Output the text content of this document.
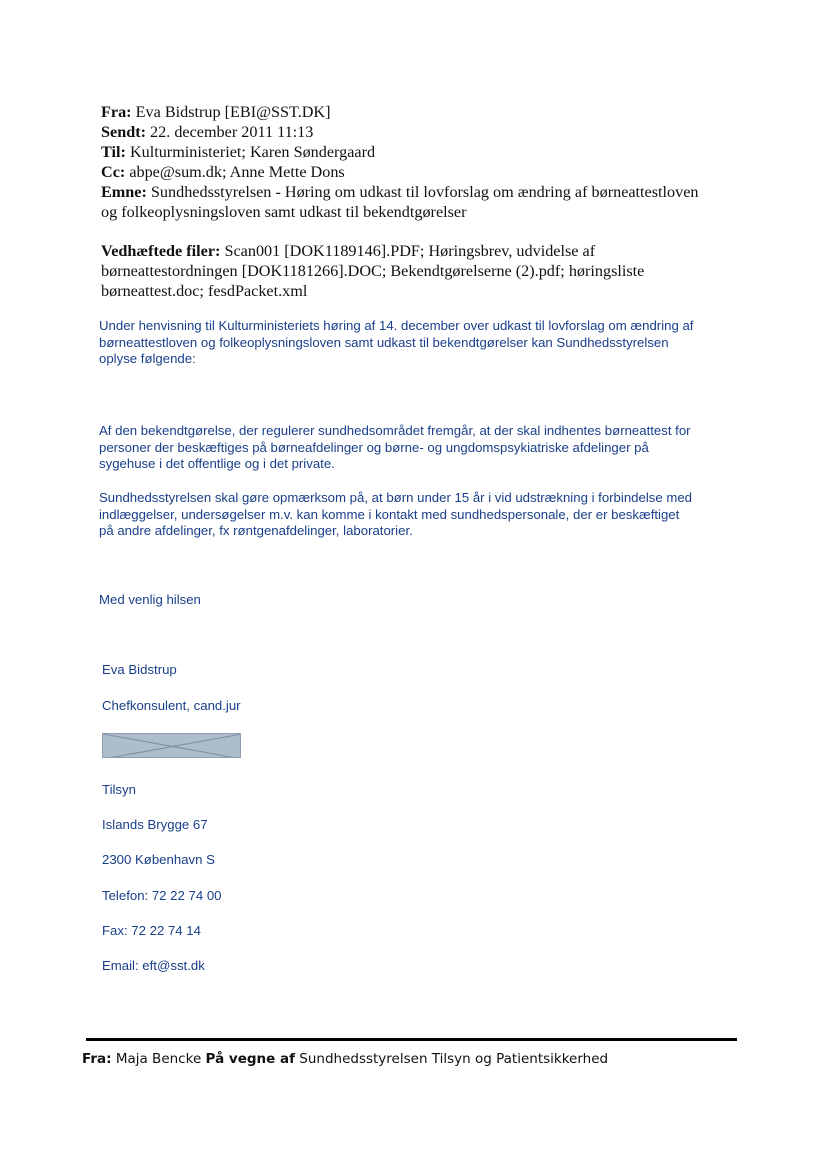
Fra: Eva Bidstrup [EBI@SST.DK]
Sendt: 22. december 2011 11:13
Til: Kulturministeriet; Karen Søndergaard
Cc: abpe@sum.dk; Anne Mette Dons
Emne: Sundhedsstyrelsen - Høring om udkast til lovforslag om ændring af børneattestloven
og folkeoplysningsloven samt udkast til bekendtgørelser
Vedhæftede filer: Scan001 [DOK1189146].PDF; Høringsbrev, udvidelse af
børneattestordningen [DOK1181266].DOC; Bekendtgørelserne (2).pdf; høringsliste
børneattest.doc; fesdPacket.xml
Under henvisning til Kulturministeriets høring af 14. december over udkast til lovforslag om ændring af
børneattestloven og folkeoplysningsloven samt udkast til bekendtgørelser kan Sundhedsstyrelsen
oplyse følgende:
Af den bekendtgørelse, der regulerer sundhedsområdet fremgår, at der skal indhentes børneattest for
personer der beskæftiges på børneafdelinger og børne- og ungdomspsykiatriske afdelinger på
sygehuse i det offentlige og i det private.
Sundhedsstyrelsen skal gøre opmærksom på, at børn under 15 år i vid udstrækning i forbindelse med
indlæggelser, undersøgelser m.v. kan komme i kontakt med sundhedspersonale, der er beskæftiget
på andre afdelinger, fx røntgenafdelinger, laboratorier.
Med venlig hilsen
Eva Bidstrup
Chefkonsulent, cand.jur
Tilsyn
Islands Brygge 67
2300 København S
Telefon: 72 22 74 00
Fax: 72 22 74 14
Email: eft@sst.dk
Fra: Maja Bencke På vegne af Sundhedsstyrelsen Tilsyn og Patientsikkerhed
